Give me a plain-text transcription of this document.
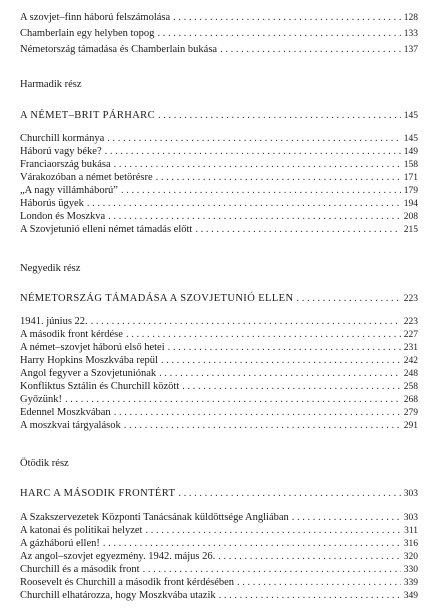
A szovjet–finn háború felszámolása . . .	128
Chamberlain egy helyben topog . . .	133
Németország támadása és Chamberlain bukása . . .	137
Harmadik rész
A NÉMET–BRIT PÁRHARC . . .	145
Churchill kormánya . . .	145
Háború vagy béke? . . .	149
Franciaország bukása . . .	158
Várakozóban a német betörésre . . .	171
„A nagy villámháború” . . .	179
Háborús ügyek . . .	194
London és Moszkva . . .	208
A Szovjetunió elleni német támadás előtt . . .	215
Negyedik rész
NÉMETORSZÁG TÁMADÁSA A SZOVJETUNIÓ ELLEN . . .	223
1941. június 22. . . .	223
A második front kérdése . . .	227
A német–szovjet háború első hetei . . .	231
Harry Hopkins Moszkvába repül . . .	242
Angol fegyver a Szovjetuniónak . . .	248
Konfliktus Sztálin és Churchill között . . .	258
Győzünk! . . .	268
Edennel Moszkvában . . .	279
A moszkvai tárgyalások . . .	291
Ötödik rész
HARC A MÁSODIK FRONTÉRT . . .	303
A Szakszervezetek Központi Tanácsának küldöttsége Angliában . . .	303
A katonai és politikai helyzet . . .	311
A gázháború ellen! . . .	316
Az angol–szovjet egyezmény. 1942. május 26. . . .	320
Churchill és a második front . . .	330
Roosevelt és Churchill a második front kérdésében . . .	339
Churchill elhatározza, hogy Moszkvába utazik . . .	349
